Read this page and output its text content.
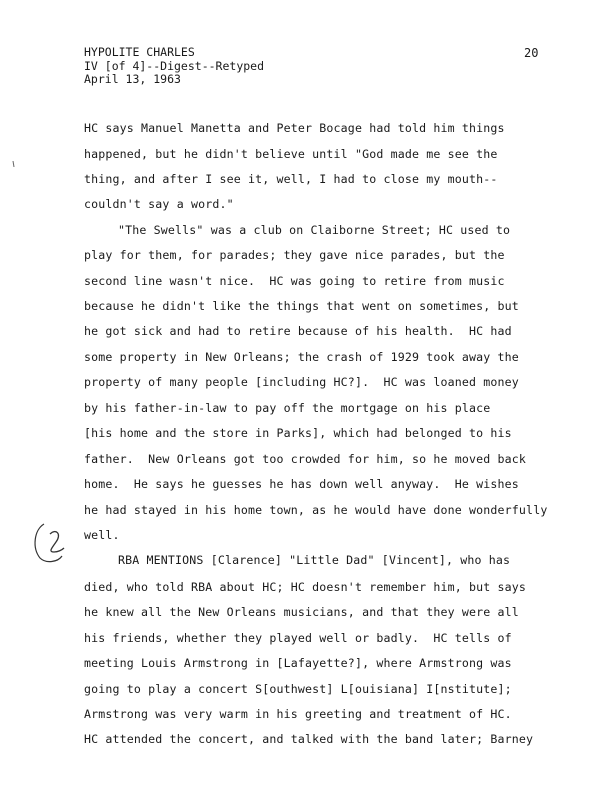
HYPOLITE CHARLES
IV [of 4]--Digest--Retyped
April 13, 1963
20
HC says Manuel Manetta and Peter Bocage had told him things
happened, but he didn't believe until "God made me see the
thing, and after I see it, well, I had to close my mouth--
couldn't say a word."
"The Swells" was a club on Claiborne Street; HC used to
play for them, for parades; they gave nice parades, but the
second line wasn't nice.  HC was going to retire from music
because he didn't like the things that went on sometimes, but
he got sick and had to retire because of his health.  HC had
some property in New Orleans; the crash of 1929 took away the
property of many people [including HC?].  HC was loaned money
by his father-in-law to pay off the mortgage on his place
[his home and the store in Parks], which had belonged to his
father.  New Orleans got too crowded for him, so he moved back
home.  He says he guesses he has down well anyway.  He wishes
he had stayed in his home town, as he would have done wonderfully
well.
RBA MENTIONS [Clarence] "Little Dad" [Vincent], who has
died, who told RBA about HC; HC doesn't remember him, but says
he knew all the New Orleans musicians, and that they were all
his friends, whether they played well or badly.  HC tells of
meeting Louis Armstrong in [Lafayette?], where Armstrong was
going to play a concert S[outhwest] L[ouisiana] I[nstitute];
Armstrong was very warm in his greeting and treatment of HC.
HC attended the concert, and talked with the band later; Barney
